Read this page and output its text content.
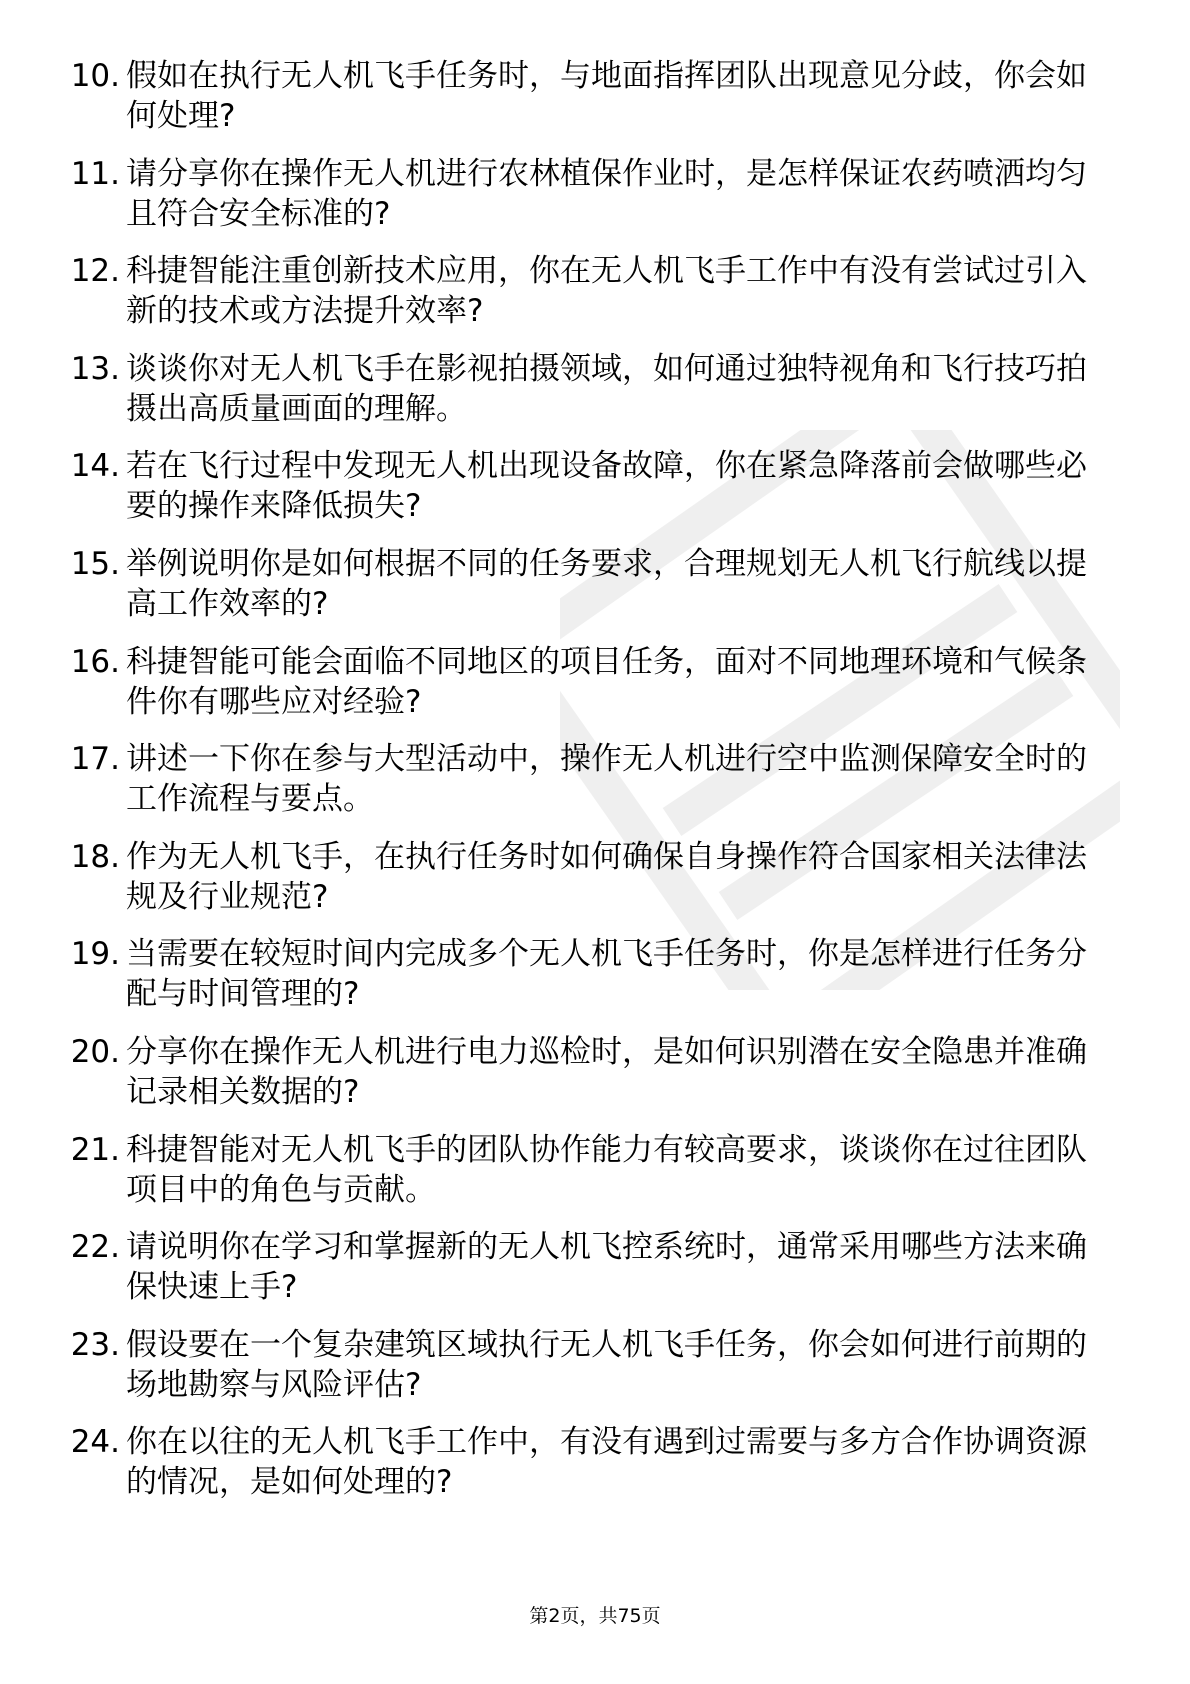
10. 假如在执行无人机飞手任务时，与地面指挥团队出现意见分歧，你会如何处理?
11. 请分享你在操作无人机进行农林植保作业时，是怎样保证农药喷洒均匀且符合安全标准的?
12. 科捷智能注重创新技术应用，你在无人机飞手工作中有没有尝试过引入新的技术或方法提升效率?
13. 谈谈你对无人机飞手在影视拍摄领域，如何通过独特视角和飞行技巧拍摄出高质量画面的理解。
14. 若在飞行过程中发现无人机出现设备故障，你在紧急降落前会做哪些必要的操作来降低损失?
15. 举例说明你是如何根据不同的任务要求，合理规划无人机飞行航线以提高工作效率的?
16. 科捷智能可能会面临不同地区的项目任务，面对不同地理环境和气候条件你有哪些应对经验?
17. 讲述一下你在参与大型活动中，操作无人机进行空中监测保障安全时的工作流程与要点。
18. 作为无人机飞手，在执行任务时如何确保自身操作符合国家相关法律法规及行业规范?
19. 当需要在较短时间内完成多个无人机飞手任务时，你是怎样进行任务分配与时间管理的?
20. 分享你在操作无人机进行电力巡检时，是如何识别潜在安全隐患并准确记录相关数据的?
21. 科捷智能对无人机飞手的团队协作能力有较高要求，谈谈你在过往团队项目中的角色与贡献。
22. 请说明你在学习和掌握新的无人机飞控系统时，通常采用哪些方法来确保快速上手?
23. 假设要在一个复杂建筑区域执行无人机飞手任务，你会如何进行前期的场地勘察与风险评估?
24. 你在以往的无人机飞手工作中，有没有遇到过需要与多方合作协调资源的情况，是如何处理的?
第2页，共75页
